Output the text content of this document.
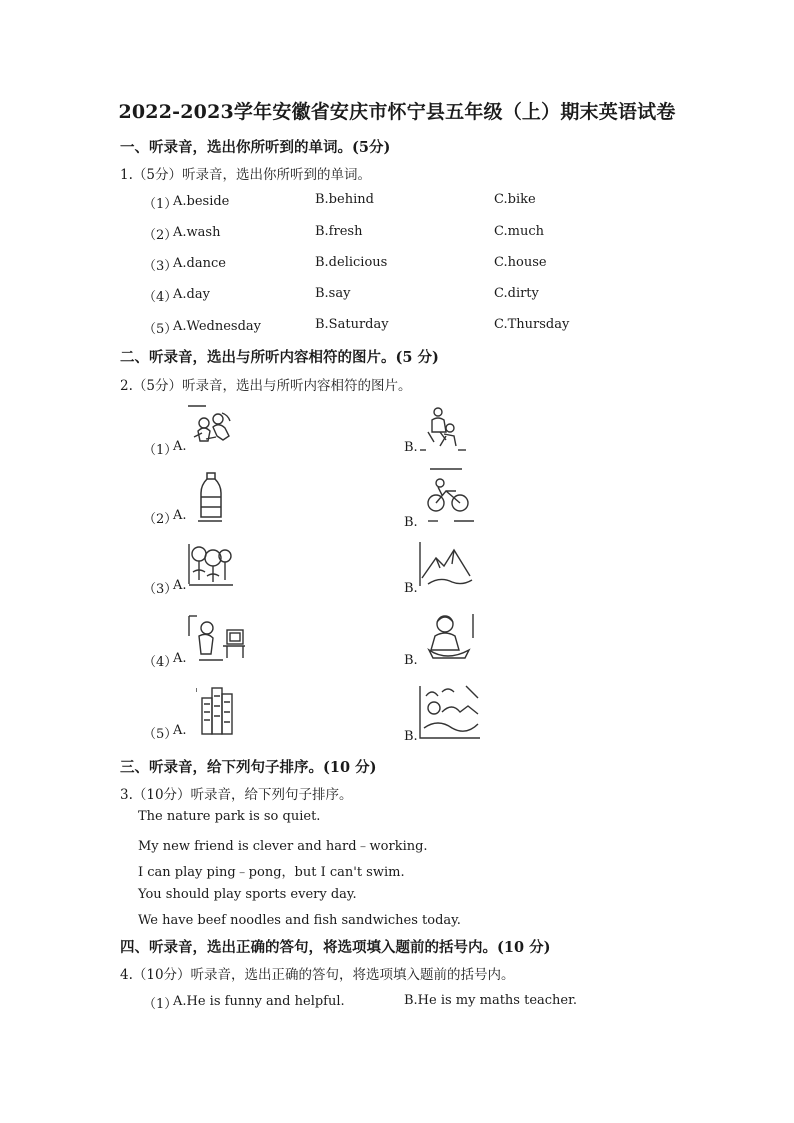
2022-2023学年安徽省安庆市怀宁县五年级（上）期末英语试卷
一、听录音，选出你所听到的单词。(5分)
1.（5分）听录音，选出你所听到的单词。
（1）
A.beside	B.behind	C.bike
（2）
A.wash	B.fresh	C.much
（3）
A.dance	B.delicious	C.house
（4）
A.day	B.say	C.dirty
（5）
A.Wednesday	B.Saturday	C.Thursday
二、听录音，选出与所听内容相符的图片。(5 分)
2.（5分）听录音，选出与所听内容相符的图片。
（1）
A.	B.
（2）
A.	B.
（3）
A.	B.
（4）
A.	B.
（5）
A.	B.
三、听录音，给下列句子排序。(10 分)
3.（10分）听录音，给下列句子排序。
The nature park is so quiet.
My new friend is clever and hard﹣working.
I can play ping﹣pong，but I can't swim.
You should play sports every day.
We have beef noodles and fish sandwiches today.
四、听录音，选出正确的答句，将选项填入题前的括号内。(10 分)
4.（10分）听录音，选出正确的答句，将选项填入题前的括号内。
（1）
A.He is funny and helpful.	B.He is my maths teacher.
